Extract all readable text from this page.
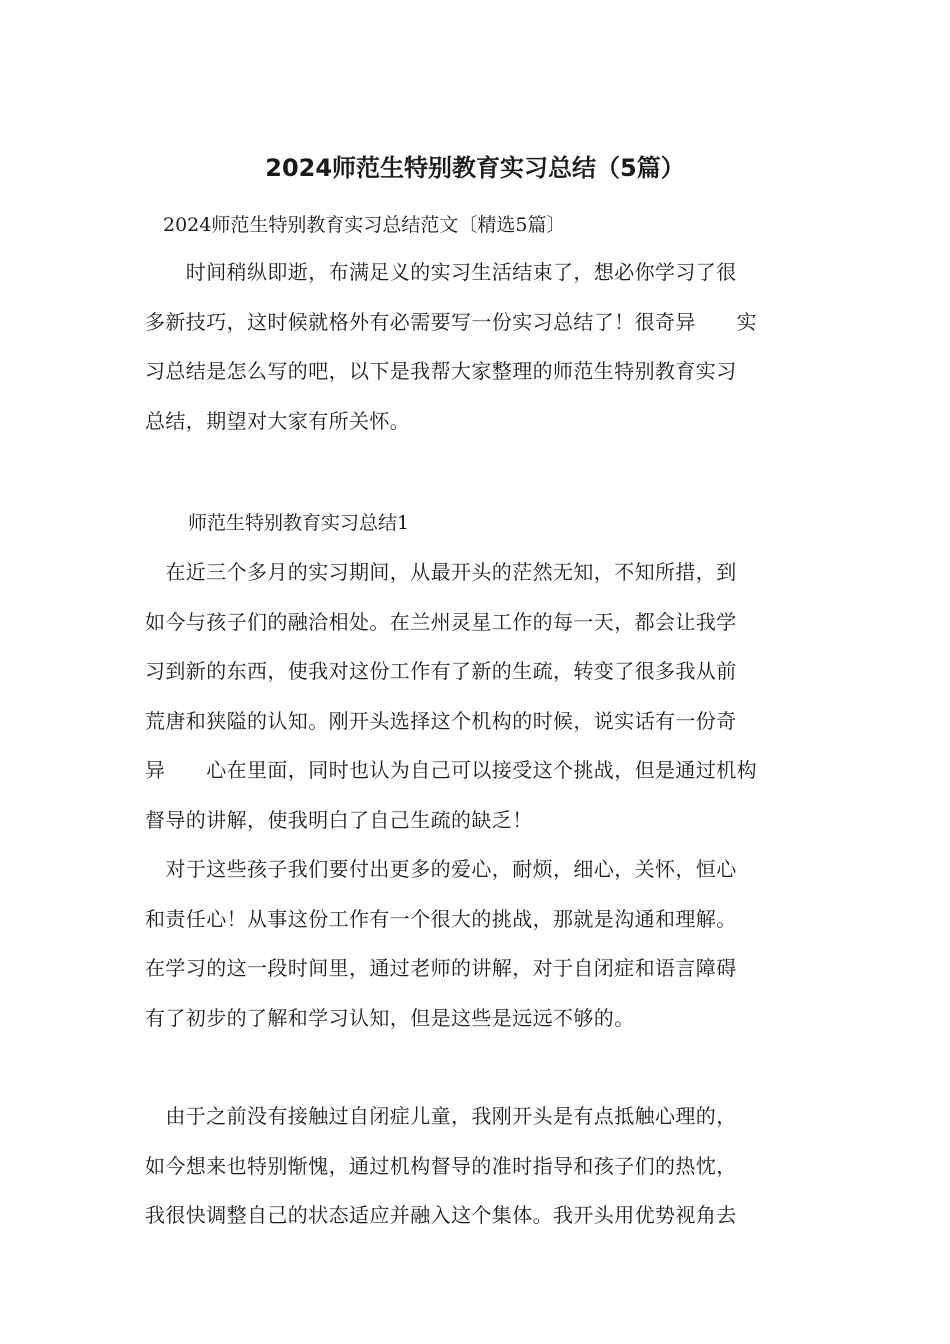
2024师范生特别教育实习总结（5篇）

2024师范生特别教育实习总结范文〔精选5篇〕

　　时间稍纵即逝，布满足义的实习生活结束了，想必你学习了很
多新技巧，这时候就格外有必需要写一份实习总结了！很奇异　　实
习总结是怎么写的吧，以下是我帮大家整理的师范生特别教育实习
总结，期望对大家有所关怀。

师范生特别教育实习总结1

　在近三个多月的实习期间，从最开头的茫然无知，不知所措，到
如今与孩子们的融洽相处。在兰州灵星工作的每一天，都会让我学
习到新的东西，使我对这份工作有了新的生疏，转变了很多我从前
荒唐和狭隘的认知。刚开头选择这个机构的时候，说实话有一份奇
异　　心在里面，同时也认为自己可以接受这个挑战，但是通过机构
督导的讲解，使我明白了自己生疏的缺乏！
　对于这些孩子我们要付出更多的爱心，耐烦，细心，关怀，恒心
和责任心！从事这份工作有一个很大的挑战，那就是沟通和理解。
在学习的这一段时间里，通过老师的讲解，对于自闭症和语言障碍
有了初步的了解和学习认知，但是这些是远远不够的。
　由于之前没有接触过自闭症儿童，我刚开头是有点抵触心理的，
如今想来也特别惭愧，通过机构督导的准时指导和孩子们的热忱，
我很快调整自己的状态适应并融入这个集体。我开头用优势视角去
